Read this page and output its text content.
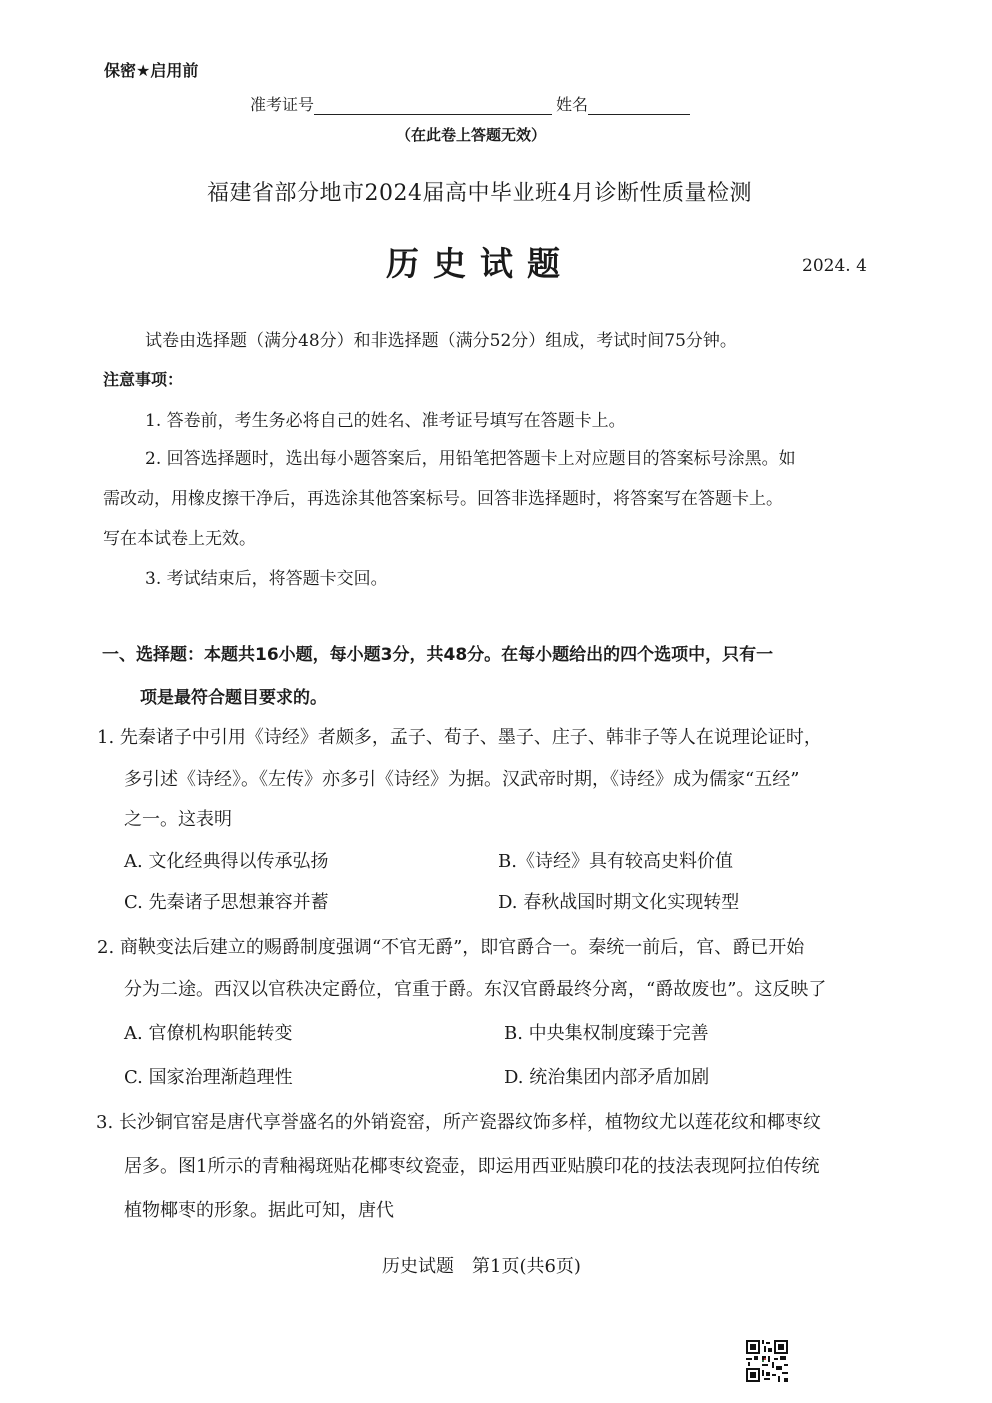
保密★启用前
准考证号	姓名
（在此卷上答题无效）
福建省部分地市2024届高中毕业班4月诊断性质量检测
历史试题	2024. 4
试卷由选择题（满分48分）和非选择题（满分52分）组成，考试时间75分钟。
注意事项：
1. 答卷前，考生务必将自己的姓名、准考证号填写在答题卡上。
2. 回答选择题时，选出每小题答案后，用铅笔把答题卡上对应题目的答案标号涂黑。如
需改动，用橡皮擦干净后，再选涂其他答案标号。回答非选择题时，将答案写在答题卡上。
写在本试卷上无效。
3. 考试结束后，将答题卡交回。
一、选择题：本题共16小题，每小题3分，共48分。在每小题给出的四个选项中，只有一
项是最符合题目要求的。
1. 先秦诸子中引用《诗经》者颇多，孟子、荀子、墨子、庄子、韩非子等人在说理论证时，
多引述《诗经》。《左传》亦多引《诗经》为据。汉武帝时期，《诗经》成为儒家“五经”
之一。这表明
A. 文化经典得以传承弘扬	B.《诗经》具有较高史料价值
C. 先秦诸子思想兼容并蓄	D. 春秋战国时期文化实现转型
2. 商鞅变法后建立的赐爵制度强调“不官无爵”，即官爵合一。秦统一前后，官、爵已开始
分为二途。西汉以官秩决定爵位，官重于爵。东汉官爵最终分离，“爵故废也”。这反映了
A. 官僚机构职能转变	B. 中央集权制度臻于完善
C. 国家治理渐趋理性	D. 统治集团内部矛盾加剧
3. 长沙铜官窑是唐代享誉盛名的外销瓷窑，所产瓷器纹饰多样，植物纹尤以莲花纹和椰枣纹
居多。图1所示的青釉褐斑贴花椰枣纹瓷壶，即运用西亚贴膜印花的技法表现阿拉伯传统
植物椰枣的形象。据此可知，唐代
历史试题　第1页(共6页)
